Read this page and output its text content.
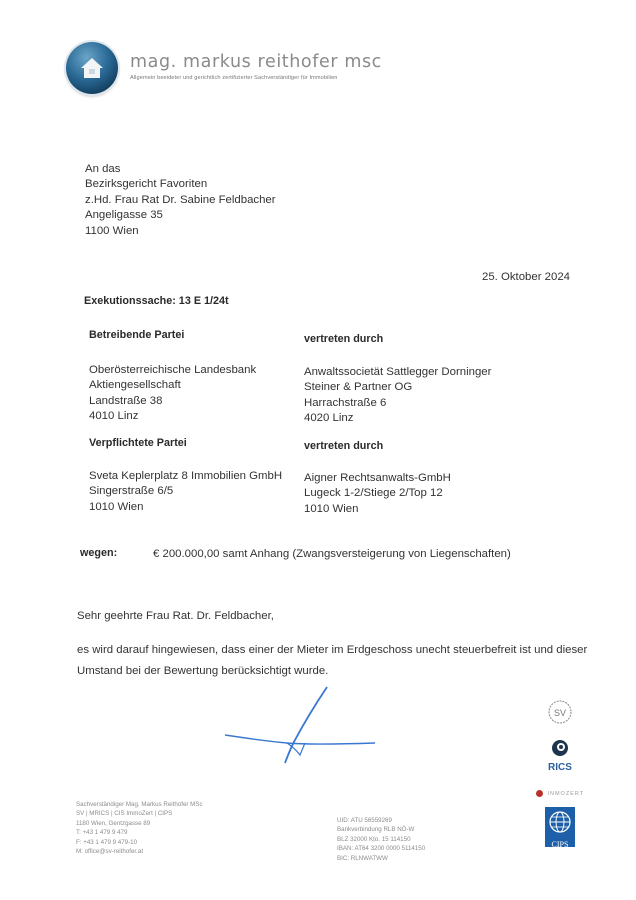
mag. markus reithofer msc
Allgemein beeideter und gerichtlich zertifizierter Sachverständiger für Immobilien
An das
Bezirksgericht Favoriten
z.Hd. Frau Rat Dr. Sabine Feldbacher
Angeligasse 35
1100 Wien
25. Oktober 2024
Exekutionssache: 13 E 1/24t
Betreibende Partei
Oberösterreichische Landesbank
Aktiengesellschaft
Landstraße 38
4010 Linz
vertreten durch
Anwaltssocietät Sattlegger Dorninger
Steiner & Partner OG
Harrachstraße 6
4020 Linz
Verpflichtete Partei
Sveta Keplerplatz 8 Immobilien GmbH
Singerstraße 6/5
1010 Wien
vertreten durch
Aigner Rechtsanwalts-GmbH
Lugeck 1-2/Stiege 2/Top 12
1010 Wien
wegen:	€ 200.000,00 samt Anhang (Zwangsversteigerung von Liegenschaften)
Sehr geehrte Frau Rat. Dr. Feldbacher,
es wird darauf hingewiesen, dass einer der Mieter im Erdgeschoss unecht steuerbefreit ist und dieser
Umstand bei der Bewertung berücksichtigt wurde.
SV
RICS
INMOZERT
CIPS
Sachverständiger Mag. Markus Reithofer MSc
SV | MRICS | CIS ImmoZert | CIPS
1180 Wien, Gentzgasse 89
T: +43 1 479 9 479
F: +43 1 479 9 479-10
M: office@sv-reithofer.at
UID: ATU 56559269
Bankverbindung RLB NÖ-W
BLZ 32000 Kto. 15 114150
IBAN: AT64 3200 0000 5114150
BIC: RLNWATWW
